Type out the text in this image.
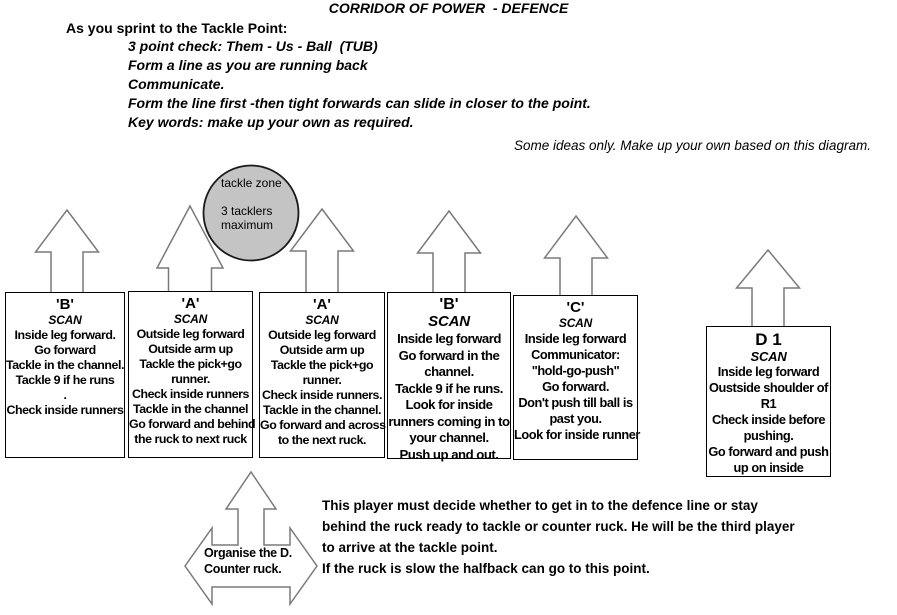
CORRIDOR OF POWER  - DEFENCE
As you sprint to the Tackle Point:
3 point check: Them - Us - Ball  (TUB)
Form a line as you are running back
Communicate.
Form the line first -then tight forwards can slide in closer to the point.
Key words: make up your own as required.
Some ideas only. Make up your own based on this diagram.
tackle zone
3 tacklers
maximum
'B'
SCAN
Inside leg forward.
Go forward
Tackle in the channel.
Tackle 9 if he runs
.
Check inside runners
'A'
SCAN
Outside leg forward
Outside arm up
Tackle the pick+go
runner.
Check inside runners
Tackle in the channel
Go forward and behind
the ruck to next ruck
'A'
SCAN
Outside leg forward
Outside arm up
Tackle the pick+go
runner.
Check inside runners.
Tackle in the channel.
Go forward and across
to the next ruck.
'B'
SCAN
Inside leg forward
Go forward in the
channel.
Tackle 9 if he runs.
Look for inside
runners coming in to
your channel.
Push up and out.
'C'
SCAN
Inside leg forward
Communicator:
"hold-go-push"
Go forward.
Don't push till ball is
past you.
Look for inside runner
D 1
SCAN
Inside leg forward
Oustside shoulder of
R1
Check inside before
pushing.
Go forward and push
up on inside
Organise the D.
Counter ruck.
This player must decide whether to get in to the defence line or stay
behind the ruck ready to tackle or counter ruck. He will be the third player
to arrive at the tackle point.
If the ruck is slow the halfback can go to this point.
